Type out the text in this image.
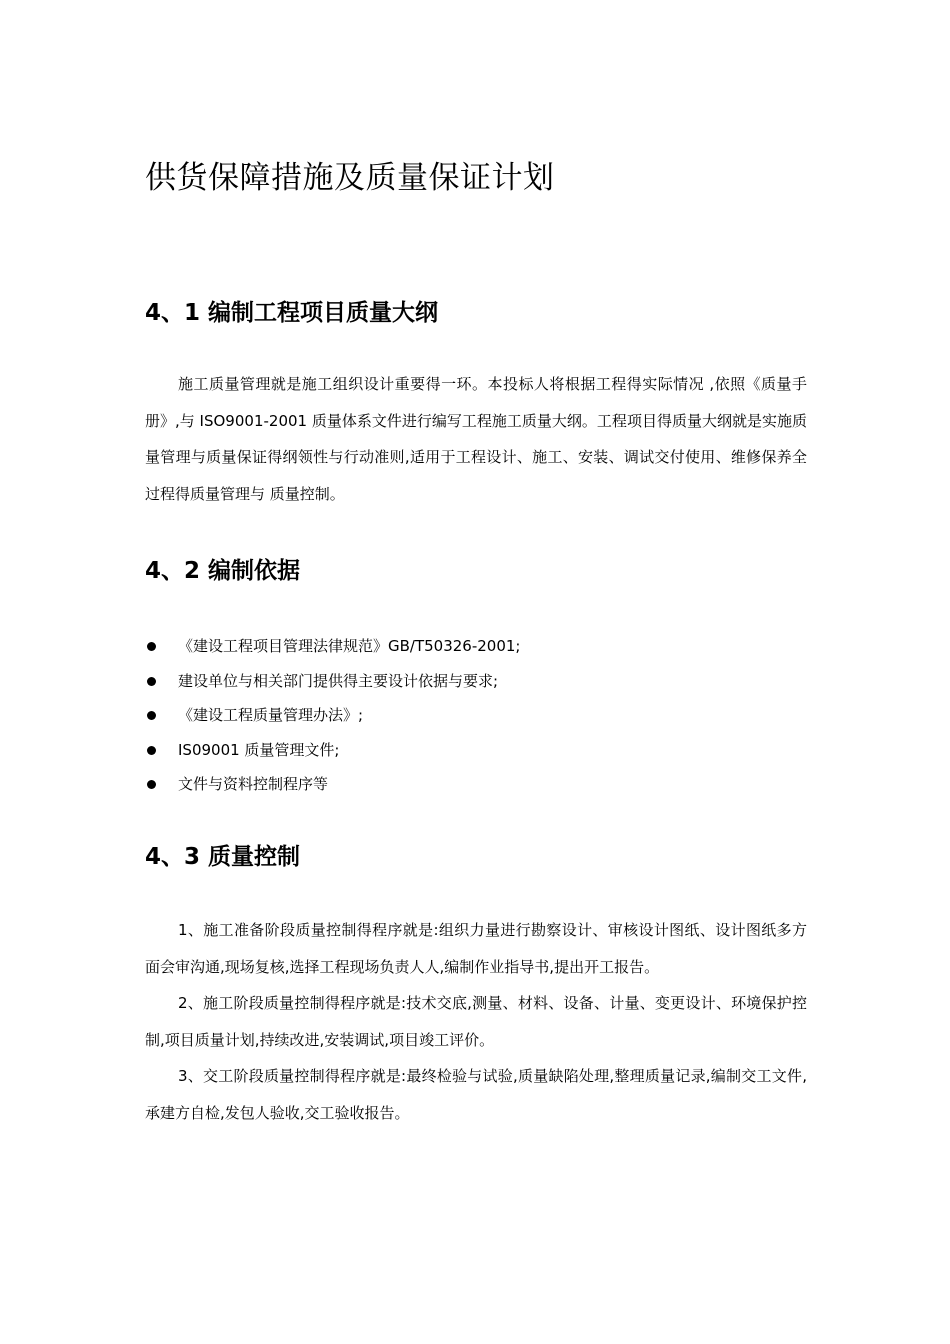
供货保障措施及质量保证计划
4、1 编制工程项目质量大纲

施工质量管理就是施工组织设计重要得一环。本投标人将根据工程得实际情况 ,依照《质量手册》,与 ISO9001-2001 质量体系文件进行编写工程施工质量大纲。工程项目得质量大纲就是实施质量管理与质量保证得纲领性与行动准则,适用于工程设计、施工、安装、调试交付使用、维修保养全过程得质量管理与 质量控制。

4、2 编制依据
《建设工程项目管理法律规范》GB/T50326-2001;
建设单位与相关部门提供得主要设计依据与要求;
《建设工程质量管理办法》;
IS09001 质量管理文件;
文件与资料控制程序等
4、3 质量控制

1、施工准备阶段质量控制得程序就是:组织力量进行勘察设计、审核设计图纸、设计图纸多方面会审沟通,现场复核,选择工程现场负责人人,编制作业指导书,提出开工报告。

2、施工阶段质量控制得程序就是:技术交底,测量、材料、设备、计量、变更设计、环境保护控制,项目质量计划,持续改进,安装调试,项目竣工评价。

3、交工阶段质量控制得程序就是:最终检验与试验,质量缺陷处理,整理质量记录,编制交工文件,承建方自检,发包人验收,交工验收报告。
